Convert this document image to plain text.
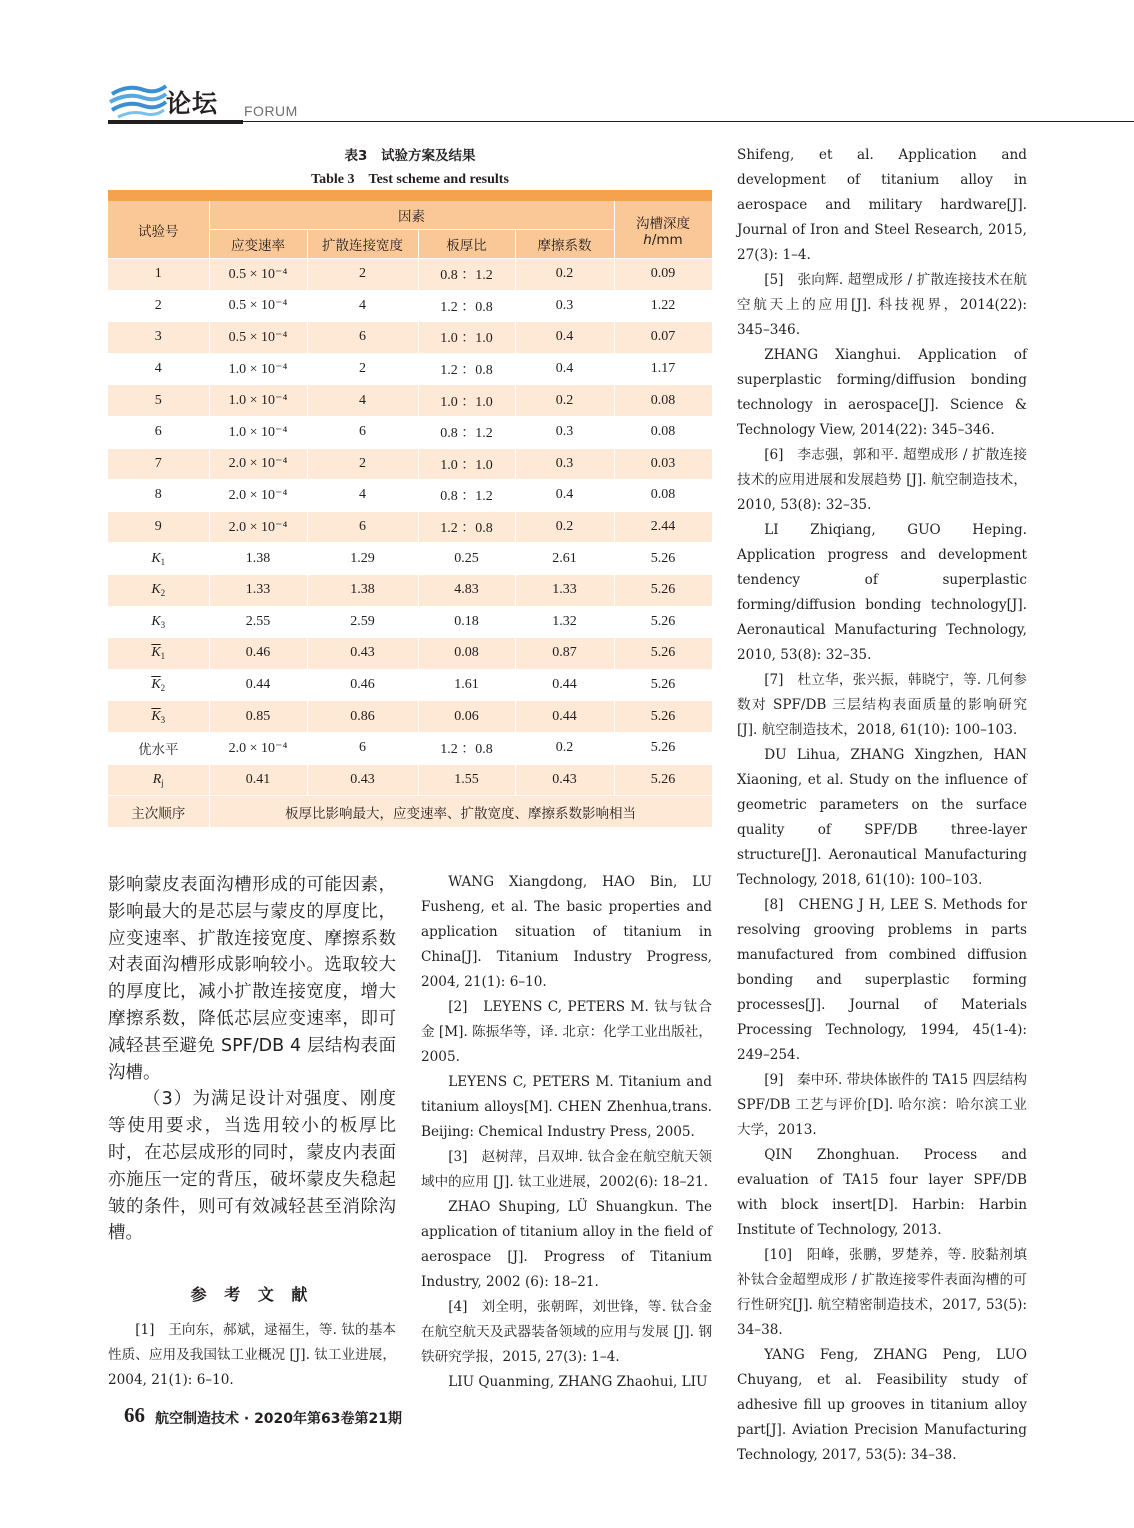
论坛 FORUM
表3　试验方案及结果
Table 3　Test scheme and results
试验号	因素				沟槽深度
h/mm
	应变速率	扩散连接宽度	板厚比	摩擦系数	
1	0.5 × 10⁻⁴	2	0.8 ：1.2	0.2	0.09
2	0.5 × 10⁻⁴	4	1.2 ：0.8	0.3	1.22
3	0.5 × 10⁻⁴	6	1.0 ：1.0	0.4	0.07
4	1.0 × 10⁻⁴	2	1.2 ：0.8	0.4	1.17
5	1.0 × 10⁻⁴	4	1.0 ：1.0	0.2	0.08
6	1.0 × 10⁻⁴	6	0.8 ：1.2	0.3	0.08
7	2.0 × 10⁻⁴	2	1.0 ：1.0	0.3	0.03
8	2.0 × 10⁻⁴	4	0.8 ：1.2	0.4	0.08
9	2.0 × 10⁻⁴	6	1.2 ：0.8	0.2	2.44
$K_1$	1.38	1.29	0.25	2.61	5.26
$K_2$	1.33	1.38	4.83	1.33	5.26
$K_3$	2.55	2.59	0.18	1.32	5.26
$\overline{K}_1$	0.46	0.43	0.08	0.87	5.26
$\overline{K}_2$	0.44	0.46	1.61	0.44	5.26
$\overline{K}_3$	0.85	0.86	0.06	0.44	5.26
优水平	2.0 × 10⁻⁴	6	1.2 ：0.8	0.2	5.26
$R_j$	0.41	0.43	1.55	0.43	5.26
主次顺序	板厚比影响最大，应变速率、扩散宽度、摩擦系数影响相当				

影响蒙皮表面沟槽形成的可能因素，影响最大的是芯层与蒙皮的厚度比，应变速率、扩散连接宽度、摩擦系数对表面沟槽形成影响较小。选取较大的厚度比，减小扩散连接宽度，增大摩擦系数，降低芯层应变速率，即可减轻甚至避免 SPF/DB 4 层结构表面沟槽。

（3）为满足设计对强度、刚度等使用要求，当选用较小的板厚比时，在芯层成形的同时，蒙皮内表面亦施压一定的背压，破坏蒙皮失稳起皱的条件，则可有效减轻甚至消除沟槽。

参 考 文 献

[1]　王向东，郝斌，逯福生，等. 钛的基本性质、应用及我国钛工业概况 [J]. 钛工业进展，2004, 21(1): 6–10.

WANG Xiangdong, HAO Bin, LU Fusheng, et al. The basic properties and application situation of titanium in China[J]. Titanium Industry Progress, 2004, 21(1): 6–10.

[2]　LEYENS C, PETERS M. 钛与钛合金 [M]. 陈振华等，译. 北京：化学工业出版社，2005.

LEYENS C, PETERS M. Titanium and titanium alloys[M]. CHEN Zhenhua,trans. Beijing: Chemical Industry Press, 2005.

[3]　赵树萍，吕双坤. 钛合金在航空航天领域中的应用 [J]. 钛工业进展，2002(6): 18–21.

ZHAO Shuping, LÜ Shuangkun. The application of titanium alloy in the field of aerospace [J]. Progress of Titanium Industry, 2002 (6): 18–21.

[4]　刘全明，张朝晖，刘世锋，等. 钛合金在航空航天及武器装备领域的应用与发展 [J]. 钢铁研究学报，2015, 27(3): 1–4.

LIU Quanming, ZHANG Zhaohui, LIU

Shifeng, et al. Application and development of titanium alloy in aerospace and military hardware[J]. Journal of Iron and Steel Research, 2015, 27(3): 1–4.

[5]　张向辉. 超塑成形 / 扩散连接技术在航空航天上的应用[J]. 科技视界，2014(22): 345–346.

ZHANG Xianghui. Application of superplastic forming/diffusion bonding technology in aerospace[J]. Science & Technology View, 2014(22): 345–346.

[6]　李志强，郭和平. 超塑成形 / 扩散连接技术的应用进展和发展趋势 [J]. 航空制造技术，2010, 53(8): 32–35.

LI Zhiqiang, GUO Heping. Application progress and development tendency of superplastic forming/diffusion bonding technology[J]. Aeronautical Manufacturing Technology, 2010, 53(8): 32–35.

[7]　杜立华，张兴振，韩晓宁，等. 几何参数对 SPF/DB 三层结构表面质量的影响研究 [J]. 航空制造技术，2018, 61(10): 100–103.

DU Lihua, ZHANG Xingzhen, HAN Xiaoning, et al. Study on the influence of geometric parameters on the surface quality of SPF/DB three-layer structure[J]. Aeronautical Manufacturing Technology, 2018, 61(10): 100–103.

[8]　CHENG J H, LEE S. Methods for resolving grooving problems in parts manufactured from combined diffusion bonding and superplastic forming processes[J]. Journal of Materials Processing Technology, 1994, 45(1-4): 249–254.

[9]　秦中环. 带块体嵌件的 TA15 四层结构 SPF/DB 工艺与评价[D]. 哈尔滨：哈尔滨工业大学，2013.

QIN Zhonghuan. Process and evaluation of TA15 four layer SPF/DB with block insert[D]. Harbin: Harbin Institute of Technology, 2013.

[10]　阳峰，张鹏，罗楚养，等. 胶黏剂填补钛合金超塑成形 / 扩散连接零件表面沟槽的可行性研究[J]. 航空精密制造技术，2017, 53(5): 34–38.

YANG Feng, ZHANG Peng, LUO Chuyang, et al. Feasibility study of adhesive fill up grooves in titanium alloy part[J]. Aviation Precision Manufacturing Technology, 2017, 53(5): 34–38.

66 航空制造技术 · 2020年第63卷第21期
